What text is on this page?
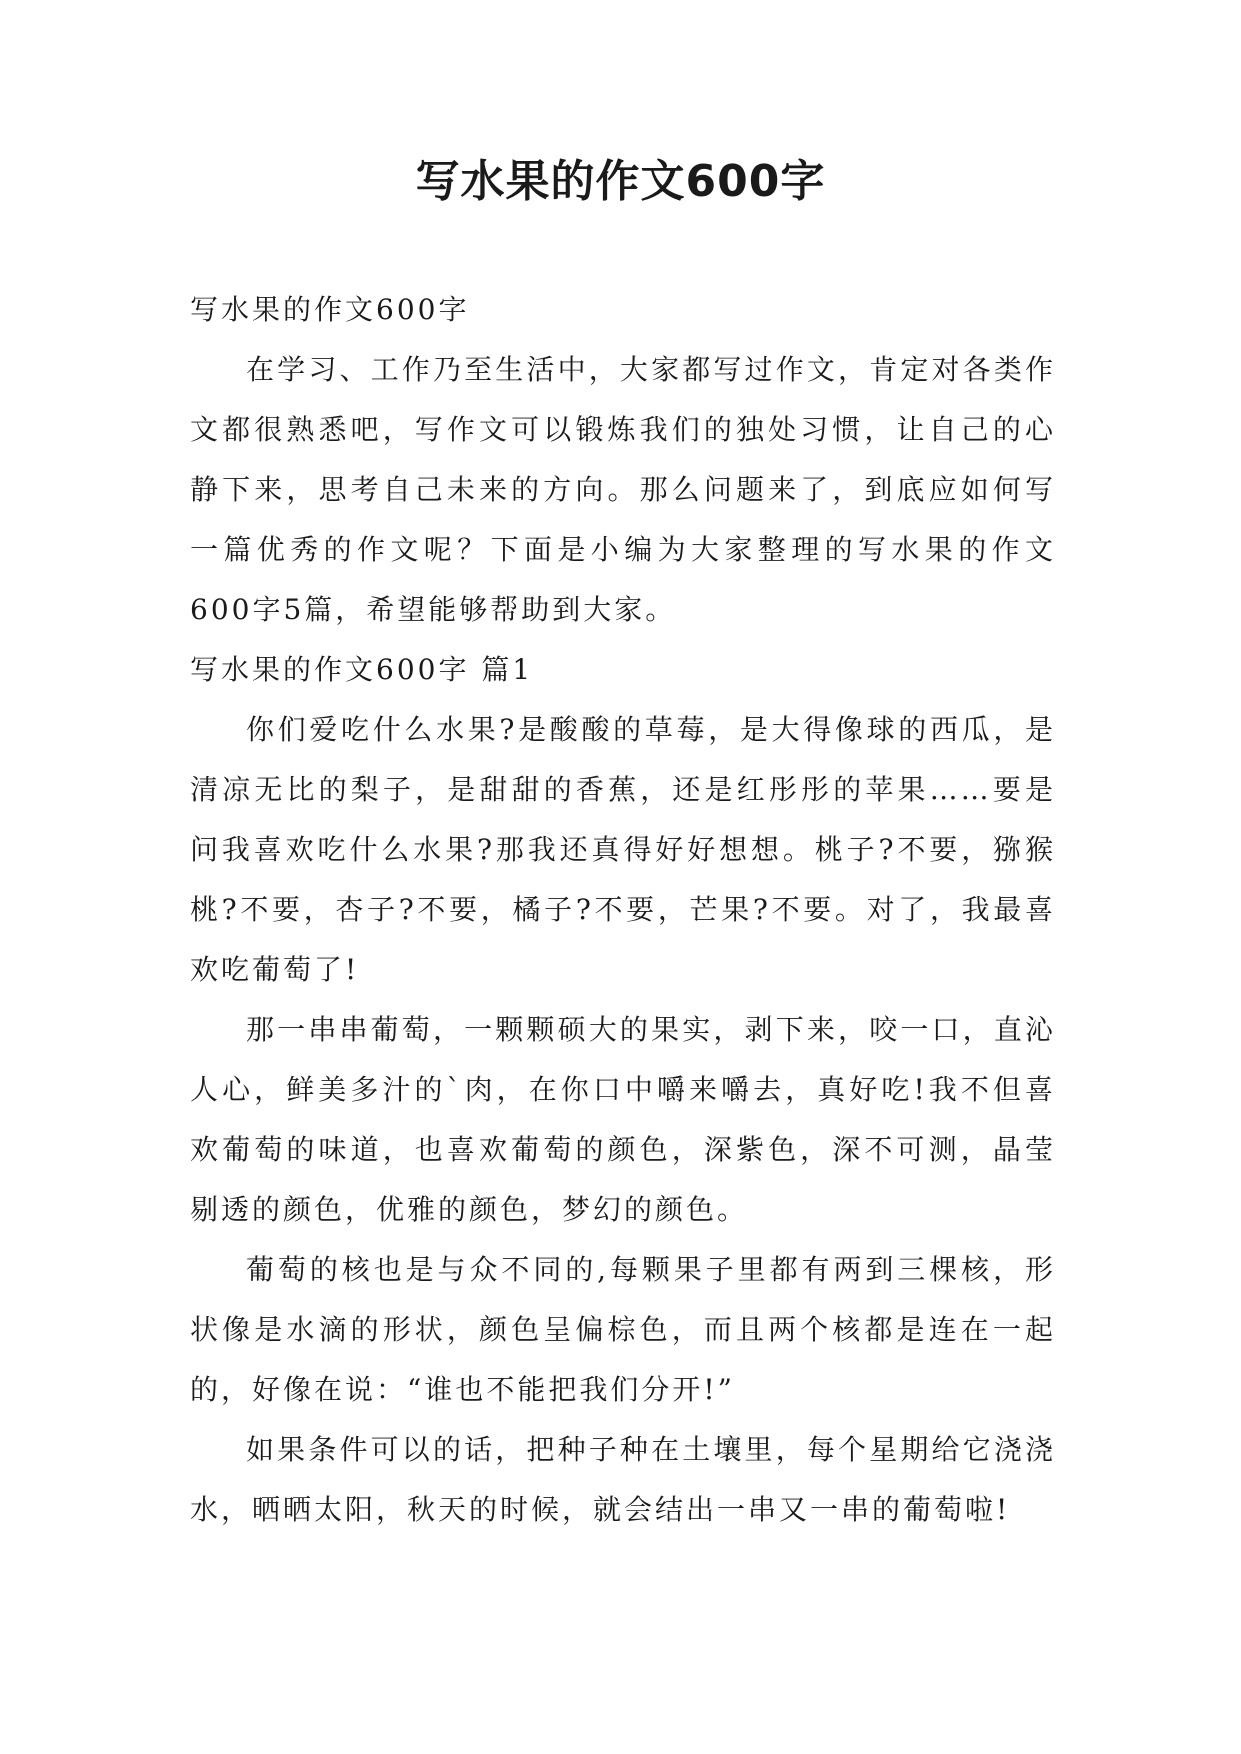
写水果的作文600字

写水果的作文600字

在学习、工作乃至生活中，大家都写过作文，肯定对各类作文都很熟悉吧，写作文可以锻炼我们的独处习惯，让自己的心静下来，思考自己未来的方向。那么问题来了，到底应如何写一篇优秀的作文呢？下面是小编为大家整理的写水果的作文600字5篇，希望能够帮助到大家。

写水果的作文600字 篇1

你们爱吃什么水果?是酸酸的草莓，是大得像球的西瓜，是清凉无比的梨子，是甜甜的香蕉，还是红彤彤的苹果……要是问我喜欢吃什么水果?那我还真得好好想想。桃子?不要，猕猴桃?不要，杏子?不要，橘子?不要，芒果?不要。对了，我最喜欢吃葡萄了!

那一串串葡萄，一颗颗硕大的果实，剥下来，咬一口，直沁人心，鲜美多汁的`肉，在你口中嚼来嚼去，真好吃!我不但喜欢葡萄的味道，也喜欢葡萄的颜色，深紫色，深不可测，晶莹剔透的颜色，优雅的颜色，梦幻的颜色。

葡萄的核也是与众不同的,每颗果子里都有两到三棵核，形状像是水滴的形状，颜色呈偏棕色，而且两个核都是连在一起的，好像在说：“谁也不能把我们分开!”

如果条件可以的话，把种子种在土壤里，每个星期给它浇浇水，晒晒太阳，秋天的时候，就会结出一串又一串的葡萄啦!
